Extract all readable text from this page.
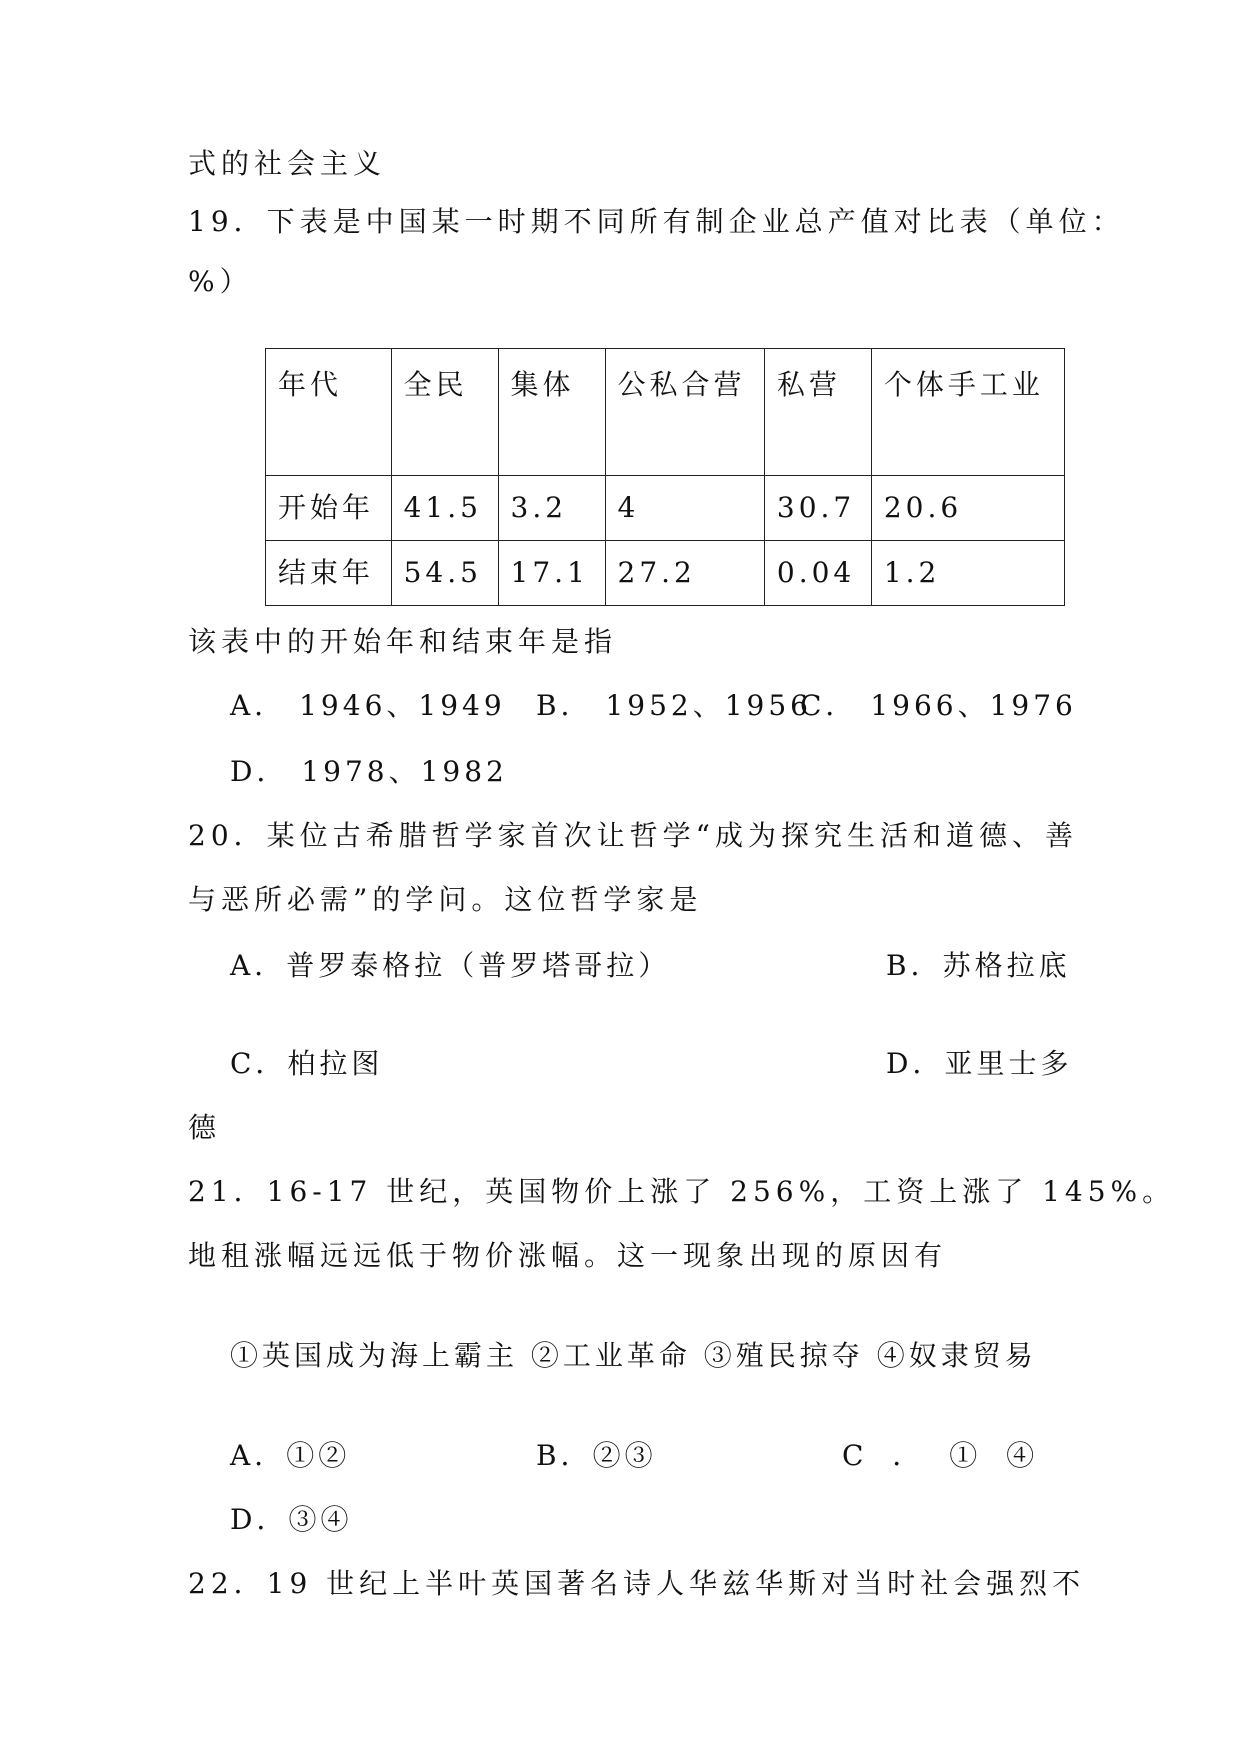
式的社会主义
19．下表是中国某一时期不同所有制企业总产值对比表（单位：
%）
年代	全民	集体	公私合营	私营	个体手工业
开始年	41.5	3.2	4	30.7	20.6
结束年	54.5	17.1	27.2	0.04	1.2
该表中的开始年和结束年是指
A． 1946、1949 B． 1952、1956
C． 1966、1976
D． 1978、1982
20．某位古希腊哲学家首次让哲学“成为探究生活和道德、善
与恶所必需”的学问。这位哲学家是
A．普罗泰格拉（普罗塔哥拉）	B．苏格拉底
C．柏拉图	D．亚里士多
德
21．16-17 世纪，英国物价上涨了 256%，工资上涨了 145%。
地租涨幅远远低于物价涨幅。这一现象出现的原因有
①英国成为海上霸主 ②工业革命 ③殖民掠夺 ④奴隶贸易
A．①②	B．②③	C ． ① ④
D．③④
22．19 世纪上半叶英国著名诗人华兹华斯对当时社会强烈不
